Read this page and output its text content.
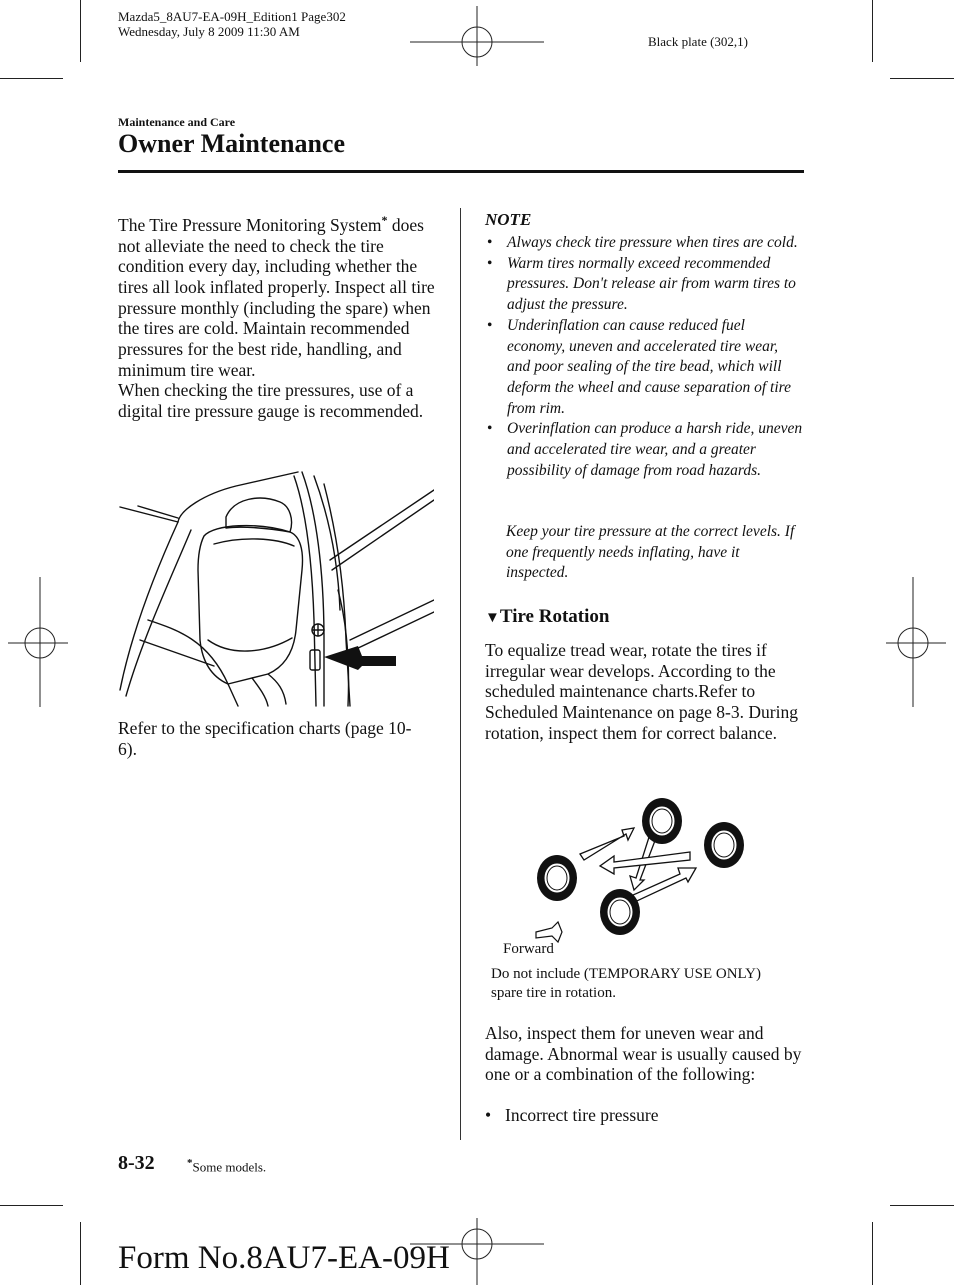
Mazda5_8AU7-EA-09H_Edition1 Page302
Wednesday, July 8 2009 11:30 AM
Black plate (302,1)
Maintenance and Care
Owner Maintenance
The Tire Pressure Monitoring System* does not alleviate the need to check the tire condition every day, including whether the tires all look inflated properly. Inspect all tire pressure monthly (including the spare) when the tires are cold. Maintain recommended pressures for the best ride, handling, and minimum tire wear.
When checking the tire pressures, use of a digital tire pressure gauge is recommended.
Refer to the specification charts (page 10-6).
NOTE
• Always check tire pressure when tires are cold.
• Warm tires normally exceed recommended pressures. Don't release air from warm tires to adjust the pressure.
• Underinflation can cause reduced fuel economy, uneven and accelerated tire wear, and poor sealing of the tire bead, which will deform the wheel and cause separation of tire from rim.
• Overinflation can produce a harsh ride, uneven and accelerated tire wear, and a greater possibility of damage from road hazards.
Keep your tire pressure at the correct levels. If one frequently needs inflating, have it inspected.
▼Tire Rotation
To equalize tread wear, rotate the tires if irregular wear develops. According to the scheduled maintenance charts.Refer to Scheduled Maintenance on page 8-3. During rotation, inspect them for correct balance.
Forward
Do not include (TEMPORARY USE ONLY) spare tire in rotation.
Also, inspect them for uneven wear and damage. Abnormal wear is usually caused by one or a combination of the following:
• Incorrect tire pressure
8-32	*Some models.
Form No.8AU7-EA-09H
